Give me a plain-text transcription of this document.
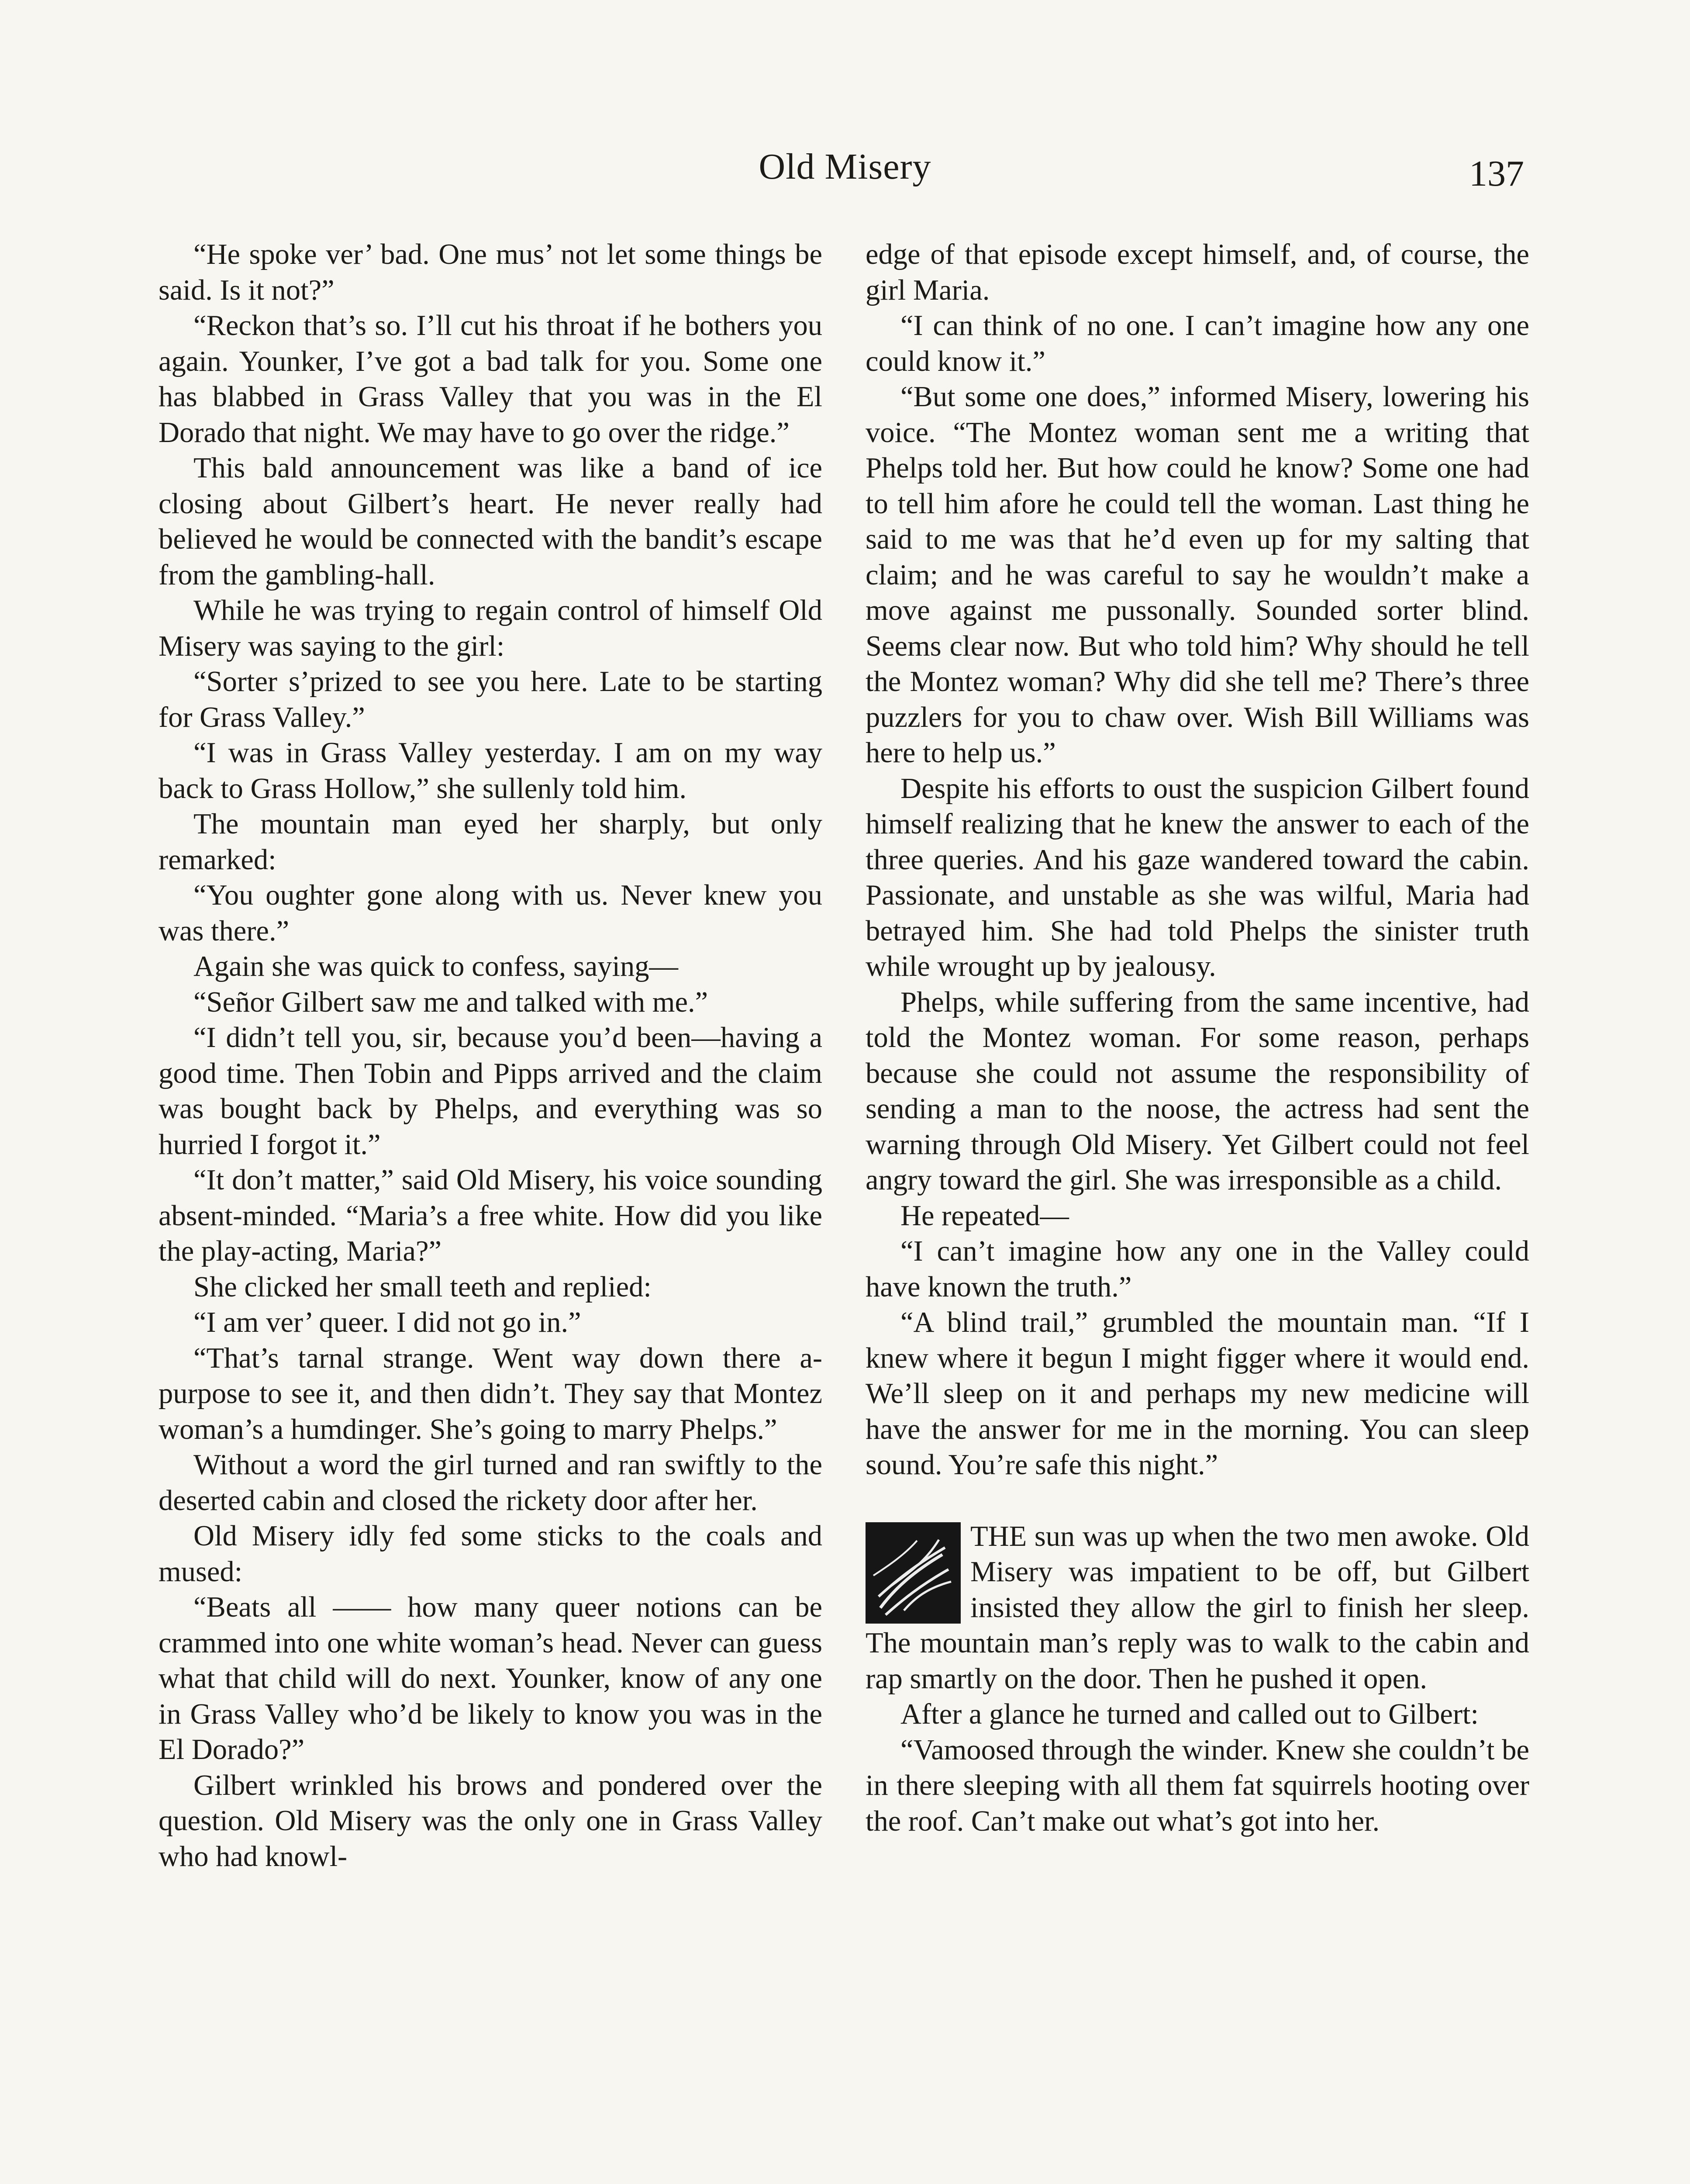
Old Misery	137

“He spoke ver’ bad. One mus’ not let some things be said. Is it not?”

“Reckon that’s so. I’ll cut his throat if he bothers you again. Younker, I’ve got a bad talk for you. Some one has blabbed in Grass Valley that you was in the El Dorado that night. We may have to go over the ridge.”

This bald announcement was like a band of ice closing about Gilbert’s heart. He never really had believed he would be connected with the bandit’s escape from the gambling-hall.

While he was trying to regain control of himself Old Misery was saying to the girl:

“Sorter s’prized to see you here. Late to be starting for Grass Valley.”

“I was in Grass Valley yesterday. I am on my way back to Grass Hollow,” she sullenly told him.

The mountain man eyed her sharply, but only remarked:

“You oughter gone along with us. Never knew you was there.”

Again she was quick to confess, saying—

“Señor Gilbert saw me and talked with me.”

“I didn’t tell you, sir, because you’d been—having a good time. Then Tobin and Pipps arrived and the claim was bought back by Phelps, and everything was so hurried I forgot it.”

“It don’t matter,” said Old Misery, his voice sounding absent-minded. “Maria’s a free white. How did you like the play-acting, Maria?”

She clicked her small teeth and replied:

“I am ver’ queer. I did not go in.”

“That’s tarnal strange. Went way down there a-purpose to see it, and then didn’t. They say that Montez woman’s a humdinger. She’s going to marry Phelps.”

Without a word the girl turned and ran swiftly to the deserted cabin and closed the rickety door after her.

Old Misery idly fed some sticks to the coals and mused:

“Beats all —— how many queer notions can be crammed into one white woman’s head. Never can guess what that child will do next. Younker, know of any one in Grass Valley who’d be likely to know you was in the El Dorado?”

Gilbert wrinkled his brows and pondered over the question. Old Misery was the only one in Grass Valley who had knowl-

edge of that episode except himself, and, of course, the girl Maria.

“I can think of no one. I can’t imagine how any one could know it.”

“But some one does,” informed Misery, lowering his voice. “The Montez woman sent me a writing that Phelps told her. But how could he know? Some one had to tell him afore he could tell the woman. Last thing he said to me was that he’d even up for my salting that claim; and he was careful to say he wouldn’t make a move against me pussonally. Sounded sorter blind. Seems clear now. But who told him? Why should he tell the Montez woman? Why did she tell me? There’s three puzzlers for you to chaw over. Wish Bill Williams was here to help us.”

Despite his efforts to oust the suspicion Gilbert found himself realizing that he knew the answer to each of the three queries. And his gaze wandered toward the cabin. Passionate, and unstable as she was wilful, Maria had betrayed him. She had told Phelps the sinister truth while wrought up by jealousy.

Phelps, while suffering from the same incentive, had told the Montez woman. For some reason, perhaps because she could not assume the responsibility of sending a man to the noose, the actress had sent the warning through Old Misery. Yet Gilbert could not feel angry toward the girl. She was irresponsible as a child.

He repeated—

“I can’t imagine how any one in the Valley could have known the truth.”

“A blind trail,” grumbled the mountain man. “If I knew where it begun I might figger where it would end. We’ll sleep on it and perhaps my new medicine will have the answer for me in the morning. You can sleep sound. You’re safe this night.”

THE sun was up when the two men awoke. Old Misery was impatient to be off, but Gilbert insisted they allow the girl to finish her sleep. The mountain man’s reply was to walk to the cabin and rap smartly on the door. Then he pushed it open.

After a glance he turned and called out to Gilbert:

“Vamoosed through the winder. Knew she couldn’t be in there sleeping with all them fat squirrels hooting over the roof. Can’t make out what’s got into her.
